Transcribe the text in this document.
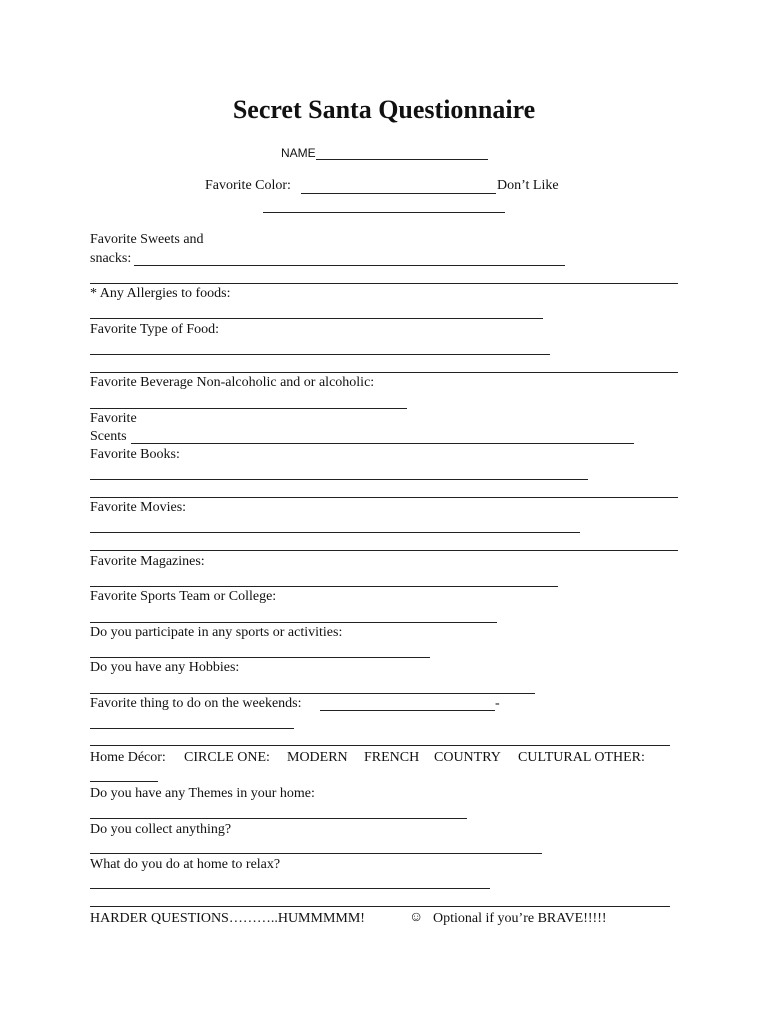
Secret Santa Questionnaire
NAME
Favorite Color:	Don’t Like
Favorite Sweets and
snacks:
* Any Allergies to foods:
Favorite Type of Food:
Favorite Beverage Non-alcoholic and or alcoholic:
Favorite
Scents
Favorite Books:
Favorite Movies:
Favorite Magazines:
Favorite Sports Team or College:
Do you participate in any sports or activities:
Do you have any Hobbies:
Favorite thing to do on the weekends:	-
Home Décor: CIRCLE ONE: MODERN FRENCH COUNTRY CULTURAL OTHER:
Do you have any Themes in your home:
Do you collect anything?
What do you do at home to relax?
HARDER QUESTIONS………..HUMMMMM!	☺ Optional if you’re BRAVE!!!!!
